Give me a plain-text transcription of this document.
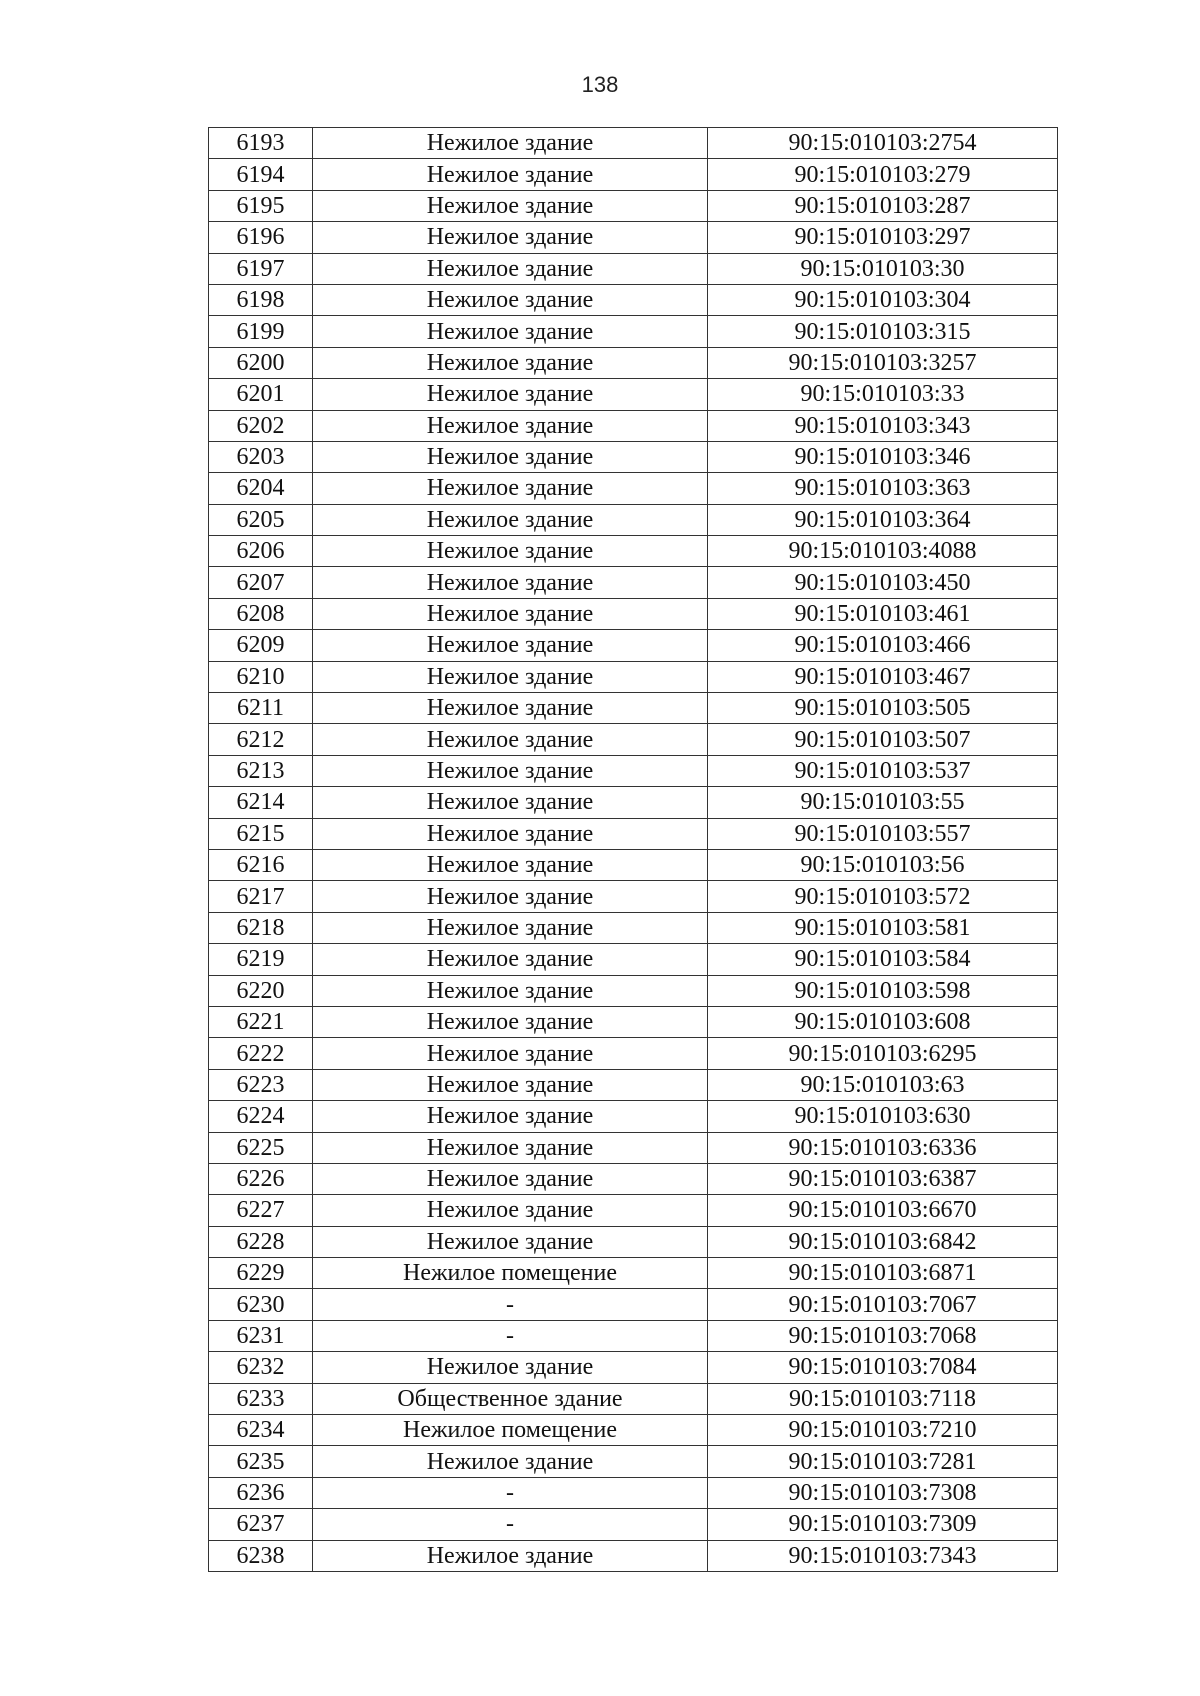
138
6193	Нежилое здание	90:15:010103:2754
6194	Нежилое здание	90:15:010103:279
6195	Нежилое здание	90:15:010103:287
6196	Нежилое здание	90:15:010103:297
6197	Нежилое здание	90:15:010103:30
6198	Нежилое здание	90:15:010103:304
6199	Нежилое здание	90:15:010103:315
6200	Нежилое здание	90:15:010103:3257
6201	Нежилое здание	90:15:010103:33
6202	Нежилое здание	90:15:010103:343
6203	Нежилое здание	90:15:010103:346
6204	Нежилое здание	90:15:010103:363
6205	Нежилое здание	90:15:010103:364
6206	Нежилое здание	90:15:010103:4088
6207	Нежилое здание	90:15:010103:450
6208	Нежилое здание	90:15:010103:461
6209	Нежилое здание	90:15:010103:466
6210	Нежилое здание	90:15:010103:467
6211	Нежилое здание	90:15:010103:505
6212	Нежилое здание	90:15:010103:507
6213	Нежилое здание	90:15:010103:537
6214	Нежилое здание	90:15:010103:55
6215	Нежилое здание	90:15:010103:557
6216	Нежилое здание	90:15:010103:56
6217	Нежилое здание	90:15:010103:572
6218	Нежилое здание	90:15:010103:581
6219	Нежилое здание	90:15:010103:584
6220	Нежилое здание	90:15:010103:598
6221	Нежилое здание	90:15:010103:608
6222	Нежилое здание	90:15:010103:6295
6223	Нежилое здание	90:15:010103:63
6224	Нежилое здание	90:15:010103:630
6225	Нежилое здание	90:15:010103:6336
6226	Нежилое здание	90:15:010103:6387
6227	Нежилое здание	90:15:010103:6670
6228	Нежилое здание	90:15:010103:6842
6229	Нежилое помещение	90:15:010103:6871
6230	-	90:15:010103:7067
6231	-	90:15:010103:7068
6232	Нежилое здание	90:15:010103:7084
6233	Общественное здание	90:15:010103:7118
6234	Нежилое помещение	90:15:010103:7210
6235	Нежилое здание	90:15:010103:7281
6236	-	90:15:010103:7308
6237	-	90:15:010103:7309
6238	Нежилое здание	90:15:010103:7343
